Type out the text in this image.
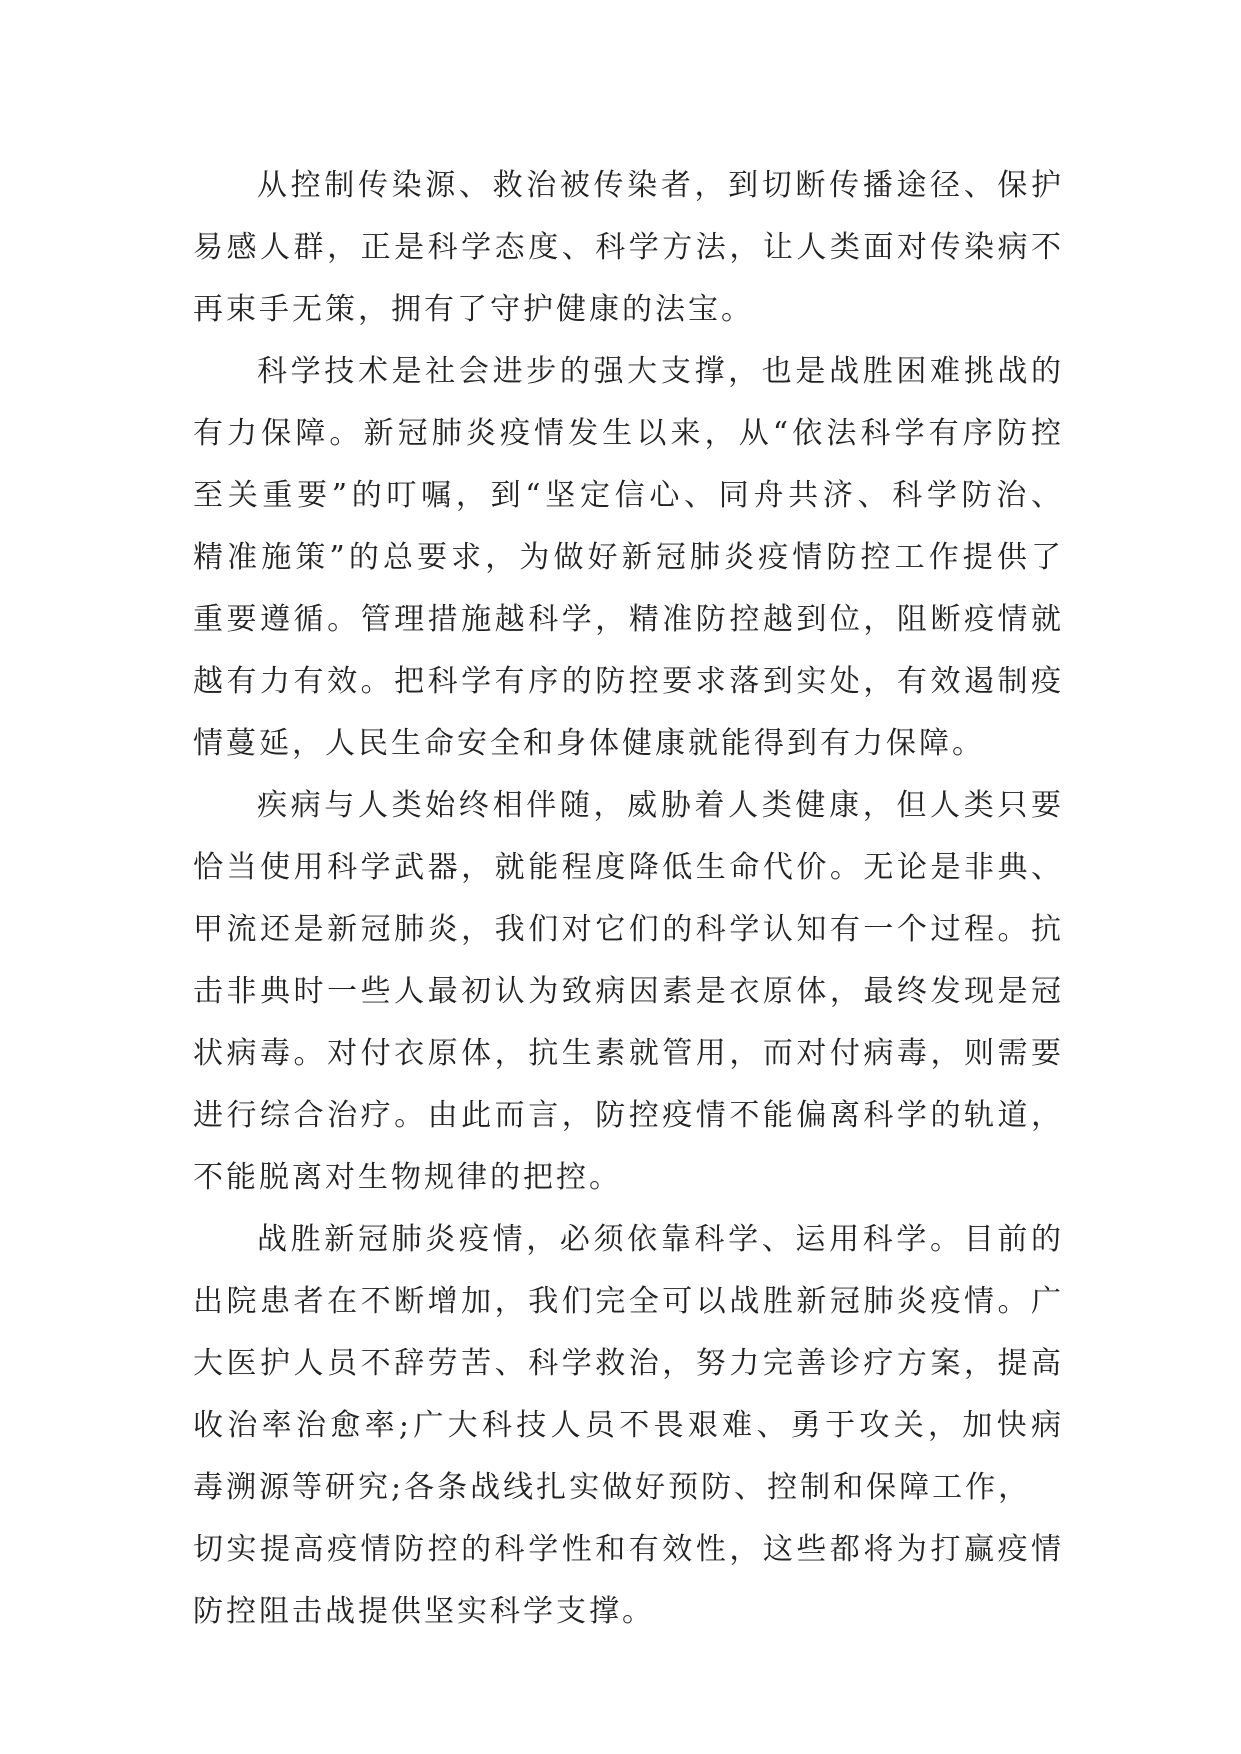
从控制传染源、救治被传染者，到切断传播途径、保护
易感人群，正是科学态度、科学方法，让人类面对传染病不
再束手无策，拥有了守护健康的法宝。
科学技术是社会进步的强大支撑，也是战胜困难挑战的
有力保障。新冠肺炎疫情发生以来，从“依法科学有序防控
至关重要”的叮嘱，到“坚定信心、同舟共济、科学防治、
精准施策”的总要求，为做好新冠肺炎疫情防控工作提供了
重要遵循。管理措施越科学，精准防控越到位，阻断疫情就
越有力有效。把科学有序的防控要求落到实处，有效遏制疫
情蔓延，人民生命安全和身体健康就能得到有力保障。
疾病与人类始终相伴随，威胁着人类健康，但人类只要
恰当使用科学武器，就能程度降低生命代价。无论是非典、
甲流还是新冠肺炎，我们对它们的科学认知有一个过程。抗
击非典时一些人最初认为致病因素是衣原体，最终发现是冠
状病毒。对付衣原体，抗生素就管用，而对付病毒，则需要
进行综合治疗。由此而言，防控疫情不能偏离科学的轨道，
不能脱离对生物规律的把控。
战胜新冠肺炎疫情，必须依靠科学、运用科学。目前的
出院患者在不断增加，我们完全可以战胜新冠肺炎疫情。广
大医护人员不辞劳苦、科学救治，努力完善诊疗方案，提高
收治率治愈率;广大科技人员不畏艰难、勇于攻关，加快病
毒溯源等研究;各条战线扎实做好预防、控制和保障工作，
切实提高疫情防控的科学性和有效性，这些都将为打赢疫情
防控阻击战提供坚实科学支撑。
